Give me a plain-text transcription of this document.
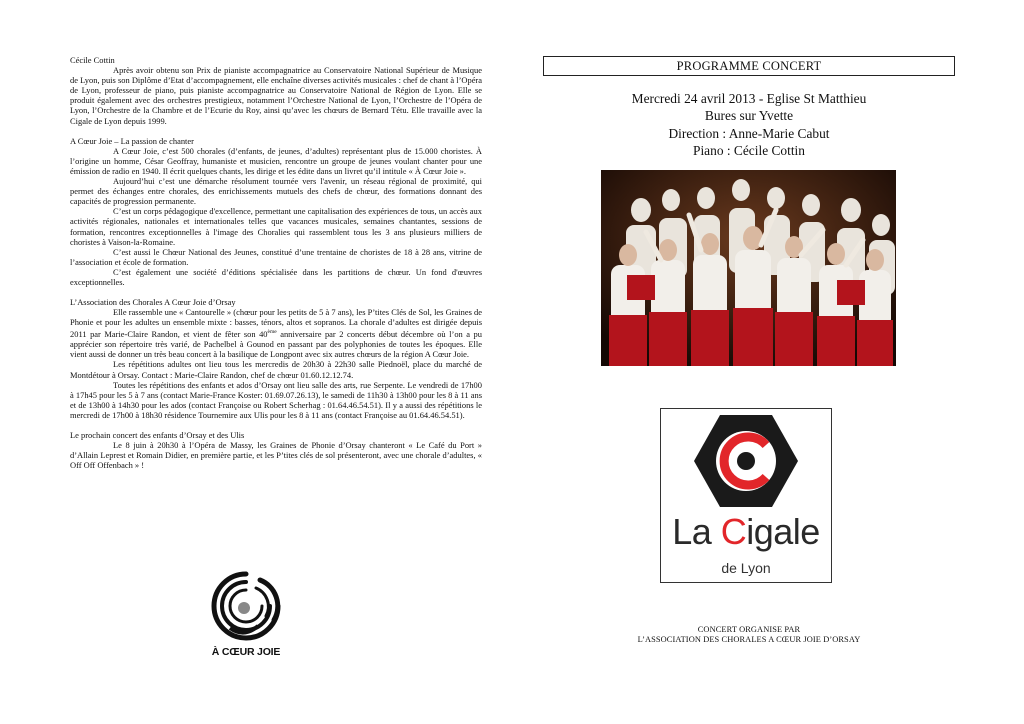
Cécile Cottin

Après avoir obtenu son Prix de pianiste accompagnatrice au Conservatoire National Supérieur de Musique de Lyon, puis son Diplôme d’Etat d’accompagnement, elle enchaîne diverses activités musicales : chef de chant à l’Opéra de Lyon, professeur de piano, puis pianiste accompagnatrice au Conservatoire National de Région de Lyon. Elle se produit également avec des orchestres prestigieux, notamment l’Orchestre National de Lyon, l’Orchestre de l’Opéra de Lyon, l’Orchestre de la Chambre et de l’Ecurie du Roy, ainsi qu’avec les chœurs de Bernard Tétu. Elle travaille avec la Cigale de Lyon depuis 1999.

A Cœur Joie – La passion de chanter

A Cœur Joie, c’est 500 chorales (d’enfants, de jeunes, d’adultes) représentant plus de 15.000 choristes. À l’origine un homme, César Geoffray, humaniste et musicien, rencontre un groupe de jeunes voulant chanter pour une émission de radio en 1940. Il écrit quelques chants, les dirige et les édite dans un livret qu’il intitule « À Cœur Joie ».

Aujourd’hui c’est une démarche résolument tournée vers l'avenir, un réseau régional de proximité, qui permet des échanges entre chorales, des enrichissements mutuels des chefs de chœur, des formations donnant des capacités de progression permanente.

C’est un corps pédagogique d'excellence, permettant une capitalisation des expériences de tous, un accès aux activités régionales, nationales et internationales telles que vacances musicales, semaines chantantes, sessions de formation, rencontres exceptionnelles à l'image des Choralies qui rassemblent tous les 3 ans plusieurs milliers de choristes à Vaison-la-Romaine.

C’est aussi le Chœur National des Jeunes, constitué d’une trentaine de choristes de 18 à 28 ans, vitrine de l’association et école de formation.

C’est également une société d’éditions spécialisée dans les partitions de chœur. Un fond d'œuvres exceptionnelles.

L’Association des Chorales A Cœur Joie d’Orsay

Elle rassemble une « Cantourelle » (chœur pour les petits de 5 à 7 ans), les P’tites Clés de Sol, les Graines de Phonie et pour les adultes un ensemble mixte : basses, ténors, altos et sopranos. La chorale d’adultes est dirigée depuis 2011 par Marie-Claire Randon, et vient de fêter son 40ème anniversaire par 2 concerts début décembre où l’on a pu apprécier son répertoire très varié, de Pachelbel à Gounod en passant par des polyphonies de toutes les époques. Elle vient aussi de donner un très beau concert à la basilique de Longpont avec six autres chœurs de la région A Cœur Joie.

Les répétitions adultes ont lieu tous les mercredis de 20h30 à 22h30 salle Piednoël, place du marché de Montdétour à Orsay. Contact : Marie-Claire Randon, chef de chœur 01.60.12.12.74.

Toutes les répétitions des enfants et ados d’Orsay ont lieu salle des arts, rue Serpente. Le vendredi de 17h00 à 17h45 pour les 5 à 7 ans (contact Marie-France Koster: 01.69.07.26.13), le samedi de 11h30 à 13h00 pour les 8 à 11 ans et de 13h00 à 14h30 pour les ados (contact Françoise ou Robert Scherhag : 01.64.46.54.51). Il y a aussi des répétitions le mercredi de 17h00 à 18h30 résidence Tournemire aux Ulis pour les 8 à 11 ans (contact Françoise au 01.64.46.54.51).

Le prochain concert des enfants d’Orsay et des Ulis

Le 8 juin à 20h30 à l’Opéra de Massy, les Graines de Phonie d’Orsay chanteront « Le Café du Port » d’Allain Leprest et Romain Didier, en première partie, et les P’tites clés de sol présenteront, avec une chorale d’adultes, « Off Off Offenbach » !

À CŒUR JOIE
PROGRAMME CONCERT
Mercredi 24 avril 2013 - Eglise St Matthieu
Bures sur Yvette
Direction : Anne-Marie Cabut
Piano : Cécile Cottin
La Cigale
de Lyon
CONCERT ORGANISE PAR
L’ASSOCIATION DES CHORALES A CŒUR JOIE D’ORSAY
